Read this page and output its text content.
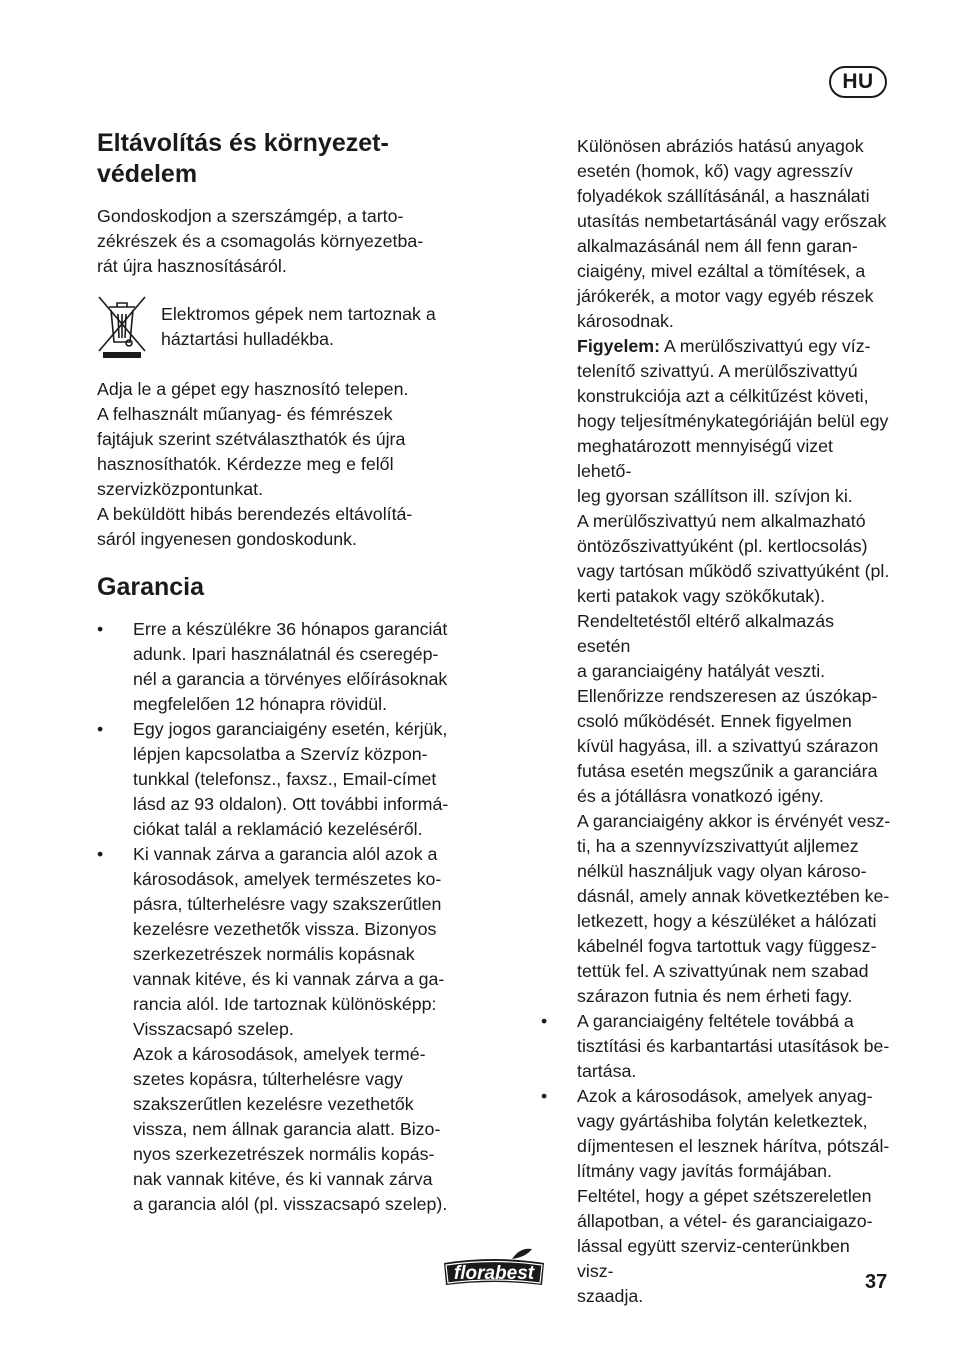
HU
Eltávolítás és környezet-
védelem

Gondoskodjon a szerszámgép, a tarto-
zékrészek és a csomagolás környezetba-
rát újra hasznosításáról.

Elektromos gépek nem tartoznak a
háztartási hulladékba.

Adja le a gépet egy hasznosító telepen.
A felhasznált műanyag- és fémrészek
fajtájuk szerint szétválaszthatók és újra
hasznosíthatók. Kérdezze meg e felől
szervizközpontunkat.
A beküldött hibás berendezés eltávolítá-
sáról ingyenesen gondoskodunk.

Garancia
• Erre a készülékre 36 hónapos garanciát
adunk. Ipari használatnál és cseregép-
nél a garancia a törvényes előírásoknak
megfelelően 12 hónapra rövidül.
• Egy jogos garanciaigény esetén, kérjük,
lépjen kapcsolatba a Szervíz közpon-
tunkkal (telefonsz., faxsz., Email-címet
lásd az 93 oldalon). Ott további informá-
ciókat talál a reklamáció kezeléséről.
• Ki vannak zárva a garancia alól azok a
károsodások, amelyek természetes ko-
pásra, túlterhelésre vagy szakszerűtlen
kezelésre vezethetők vissza. Bizonyos
szerkezetrészek normális kopásnak
vannak kitéve, és ki vannak zárva a ga-
rancia alól. Ide tartoznak különösképp:
Visszacsapó szelep.
Azok a károsodások, amelyek termé-
szetes kopásra, túlterhelésre vagy
szakszerűtlen kezelésre vezethetők
vissza, nem állnak garancia alatt. Bizo-
nyos szerkezetrészek normális kopás-
nak vannak kitéve, és ki vannak zárva
a garancia alól (pl. visszacsapó szelep).
Különösen abráziós hatású anyagok
esetén (homok, kő) vagy agresszív
folyadékok szállításánál, a használati
utasítás nembetartásánál vagy erőszak
alkalmazásánál nem áll fenn garan-
ciaigény, mivel ezáltal a tömítések, a
járókerék, a motor vagy egyéb részek
károsodnak.
Figyelem: A merülőszivattyú egy víz-
telenítő szivattyú. A merülőszivattyú
konstrukciója azt a célkitűzést követi,
hogy teljesítménykategóriáján belül egy
meghatározott mennyiségű vizet lehető-
leg gyorsan szállítson ill. szívjon ki.
A merülőszivattyú nem alkalmazható
öntözőszivattyúként (pl. kertlocsolás)
vagy tartósan működő szivattyúként (pl.
kerti patakok vagy szökőkutak).
Rendeltetéstől eltérő alkalmazás esetén
a garanciaigény hatályát veszti.
Ellenőrizze rendszeresen az úszókap-
csoló működését. Ennek figyelmen
kívül hagyása, ill. a szivattyú szárazon
futása esetén megszűnik a garanciára
és a jótállásra vonatkozó igény.
A garanciaigény akkor is érvényét vesz-
ti, ha a szennyvízszivattyút aljlemez
nélkül használjuk vagy olyan károso-
dásnál, amely annak következtében ke-
letkezett, hogy a készüléket a hálózati
kábelnél fogva tartottuk vagy függesz-
tettük fel. A szivattyúnak nem szabad
szárazon futnia és nem érheti fagy.
• A garanciaigény feltétele továbbá a
tisztítási és karbantartási utasítások be-
tartása.
• Azok a károsodások, amelyek anyag-
vagy gyártáshiba folytán keletkeztek,
díjmentesen el lesznek hárítva, pótszál-
lítmány vagy javítás formájában.
Feltétel, hogy a gépet szétszereletlen
állapotban, a vétel- és garanciaigazo-
lással együtt szerviz-centerünkben visz-
szaadja.
florabest	37
